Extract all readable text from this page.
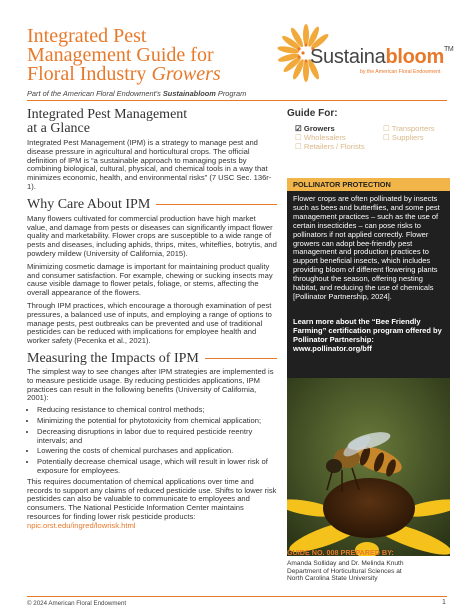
Integrated Pest
Management Guide for
Floral Industry Growers
Sustainabloom™
by the American Floral Endowment
Part of the American Floral Endowment's Sustainabloom Program
Integrated Pest Management
at a Glance

Integrated Pest Management (IPM) is a strategy to manage pest and disease pressure in agricultural and horticultural crops. The official definition of IPM is “a sustainable approach to managing pests by combining biological, cultural, physical, and chemical tools in a way that minimizes economic, health, and environmental risks” (7 USC Sec. 136r-1).

Why Care About IPM

Many flowers cultivated for commercial production have high market value, and damage from pests or diseases can significantly impact flower quality and marketability. Flower crops are susceptible to a wide range of pests and diseases, including aphids, thrips, mites, whiteflies, botrytis, and powdery mildew (University of California, 2015).

Minimizing cosmetic damage is important for maintaining product quality and consumer satisfaction. For example, chewing or sucking insects may cause visible damage to flower petals, foliage, or stems, affecting the overall appearance of the flowers.

Through IPM practices, which encourage a thorough examination of pest pressures, a balanced use of inputs, and employing a range of options to manage pests, pest outbreaks can be prevented and use of traditional pesticides can be reduced with implications for employee health and worker safety (Pecenka et al., 2021).

Measuring the Impacts of IPM

The simplest way to see changes after IPM strategies are implemented is to measure pesticide usage. By reducing pesticides applications, IPM practices can result in the following benefits (University of California, 2001):

• Reducing resistance to chemical control methods;
• Minimizing the potential for phytotoxicity from chemical application;
• Decreasing disruptions in labor due to required pesticide reentry intervals; and
• Lowering the costs of chemical purchases and application.
• Potentially decrease chemical usage, which will result in lower risk of exposure for employees.

This requires documentation of chemical applications over time and records to support any claims of reduced pesticide use. Shifts to lower risk pesticides can also be valuable to communicate to employees and consumers. The National Pesticide Information Center maintains resources for finding lower risk pesticide products: npic.orst.edu/ingred/lowrisk.html

Guide For:
☑ Growers	☐ Transporters
☐ Wholesalers	☐ Suppliers
☐ Retailers / Florists
POLLINATOR PROTECTION
Flower crops are often pollinated by insects such as bees and butterflies, and some pest management practices – such as the use of certain insecticides – can pose risks to pollinators if not applied correctly. Flower growers can adopt bee-friendly pest management and production practices to support beneficial insects, which includes providing bloom of different flowering plants throughout the season, offering nesting habitat, and reducing the use of chemicals [Pollinator Partnership, 2024].
Learn more about the “Bee Friendly Farming” certification program offered by Pollinator Partnership:
www.pollinator.org/bff
GUIDE NO. 008 PREPARED BY:
Amanda Solliday and Dr. Melinda Knuth
Department of Horticultural Sciences at
North Carolina State University
© 2024 American Floral Endowment	1
